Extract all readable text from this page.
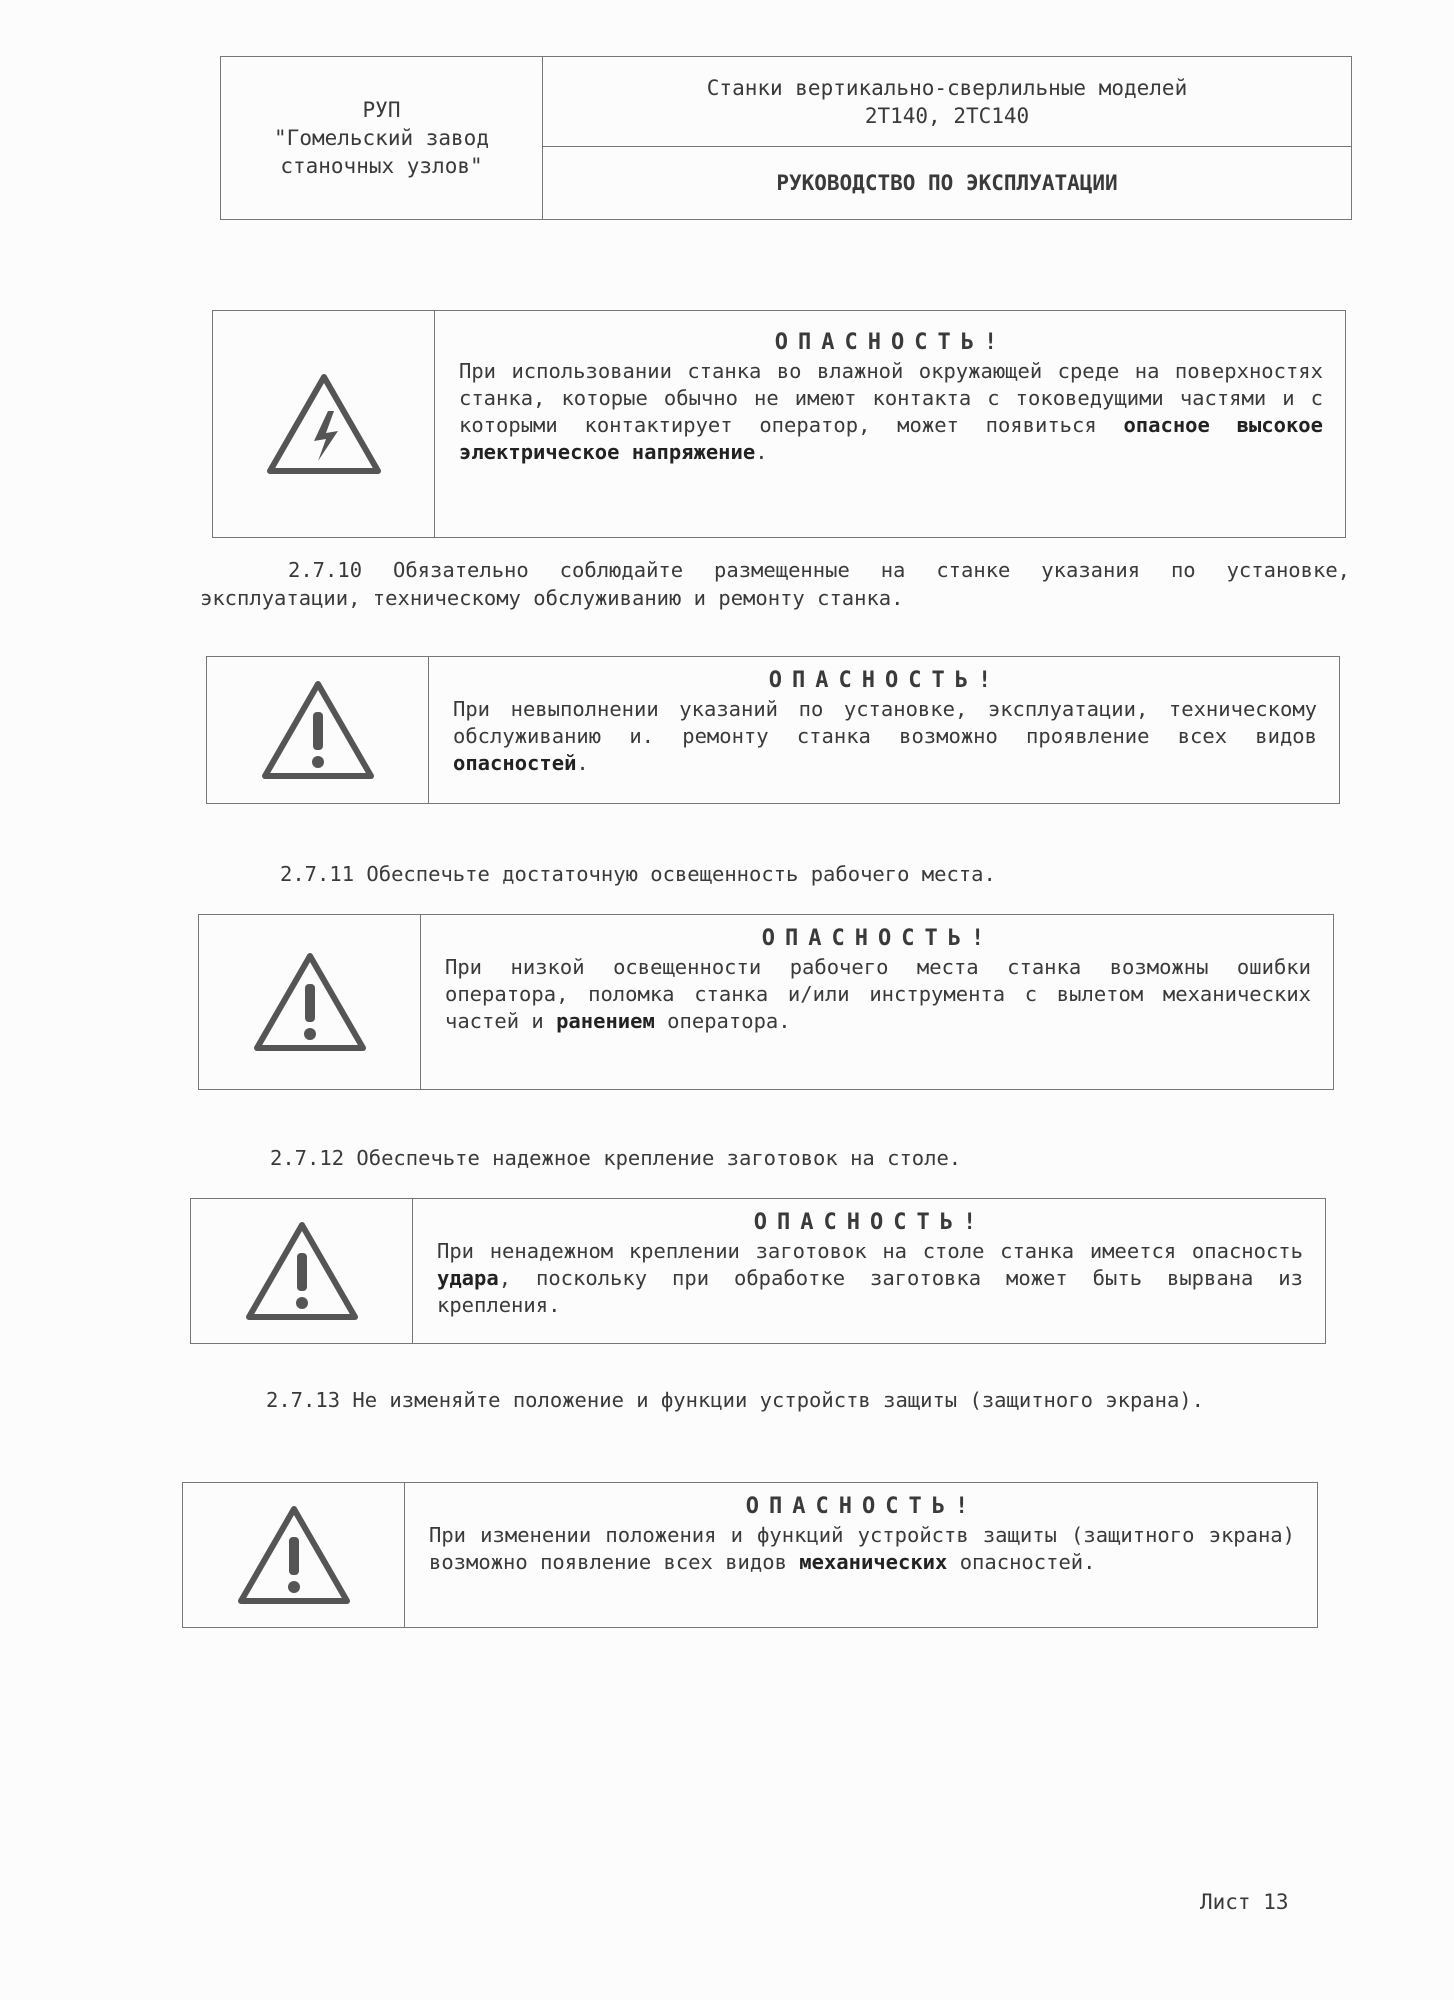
РУП
"Гомельский завод
станочных узлов"
Станки вертикально-сверлильные моделей
2Т140, 2ТС140
РУКОВОДСТВО ПО ЭКСПЛУАТАЦИИ
ОПАСНОСТЬ!
При использовании станка во влажной окружающей среде на поверхностях станка, которые обычно не имеют контакта с токоведущими частями и с которыми контактирует оператор, может появиться опасное высокое электрическое напряжение.
2.7.10 Обязательно соблюдайте размещенные на станке указания по установке, эксплуатации, техническому обслуживанию и ремонту станка.
ОПАСНОСТЬ!
При невыполнении указаний по установке, эксплуатации, техническому обслуживанию и. ремонту станка возможно проявление всех видов опасностей.
2.7.11 Обеспечьте достаточную освещенность рабочего места.
ОПАСНОСТЬ!
При низкой освещенности рабочего места станка возможны ошибки оператора, поломка станка и/или инструмента с вылетом механических частей и ранением оператора.
2.7.12 Обеспечьте надежное крепление заготовок на столе.
ОПАСНОСТЬ!
При ненадежном креплении заготовок на столе станка имеется опасность удара, поскольку при обработке заготовка может быть вырвана из крепления.
2.7.13 Не изменяйте положение и функции устройств защиты (защитного экрана).
ОПАСНОСТЬ!
При изменении положения и функций устройств защиты (защитного экрана) возможно появление всех видов механических опасностей.
Лист 13
